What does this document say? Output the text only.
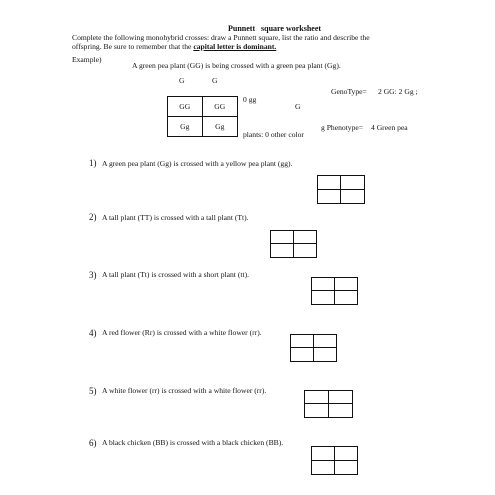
Punnett square worksheet
Complete the following monohybrid crosses: draw a Punnett square, list the ratio and describe the
offspring. Be sure to remember that the capital letter is dominant.
Example)
A green pea plant (GG) is being crossed with a green pea plant (Gg).
G	G
GG	GG
Gg	Gg
0 gg
G
GenoType= 2 GG: 2 Gg ;
g Phenotype= 4 Green pea
plants: 0 other color
1) A green pea plant (Gg) is crossed with a yellow pea plant (gg).
2) A tall plant (TT) is crossed with a tall plant (Tt).
3) A tall plant (Tt) is crossed with a short plant (tt).
4) A red flower (Rr) is crossed with a white flower (rr).
5) A white flower (rr) is crossed with a white flower (rr).
6) A black chicken (BB) is crossed with a black chicken (BB).
